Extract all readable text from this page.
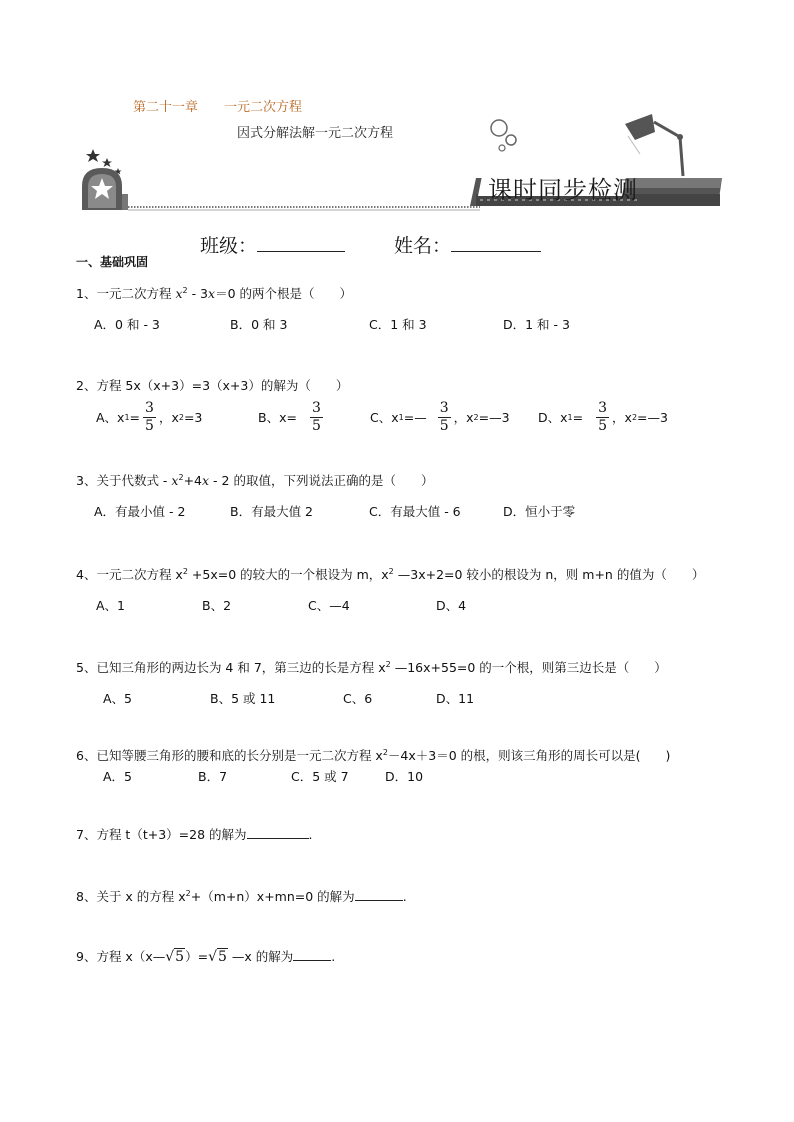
第二十一章 一元二次方程
因式分解法解一元二次方程
课时同步检测
班级：	姓名：
一、基础巩固
1、一元二次方程 $x^2 - 3x=0$ 的两个根是（　　）
A．0 和 - 3	B．0 和 3	C．1 和 3	D．1 和 - 3
2、方程 5x（x+3）=3（x+3）的解为（　　）
A、x $1 = \frac{3}{5}$ ，x 2 =3	B、$x= \frac{3}{5}$	C、x 1 =— $\frac{3}{5}$ ，x 2 =—3 D、x $1 = \frac{3}{5}$ ，x 2 =—3
3、关于代数式 - $x^2+4x - 2$ 的取值，下列说法正确的是（　　）
A．有最小值 - 2	B．有最大值 2	C．有最大值 - 6	D．恒小于零
4、一元二次方程 $x^2 +5x=0$ 的较大的一个根设为 m，$x^2$ —3x+2=0 较小的根设为 n，则 m+n 的值为（　　）
A、1	B、2	C、—4	D、4
5、已知三角形的两边长为 4 和 7，第三边的长是方程 $x^2$ —16x+55=0 的一个根，则第三边长是（　　）
A、5	B、5 或 11	C、6	D、11
6、已知等腰三角形的腰和底的长分别是一元二次方程 $x^2-4x+3=0$ 的根，则该三角形的周长可以是(　　)
A．5	B．7	C．5 或 7	D．10
7、方程 t（t+3）=28 的解为	.
8、关于 x 的方程 $x^2+(m+n)x+mn=0$ 的解为	.
9、方程 x（x—√5）=√5 —x 的解为	.
